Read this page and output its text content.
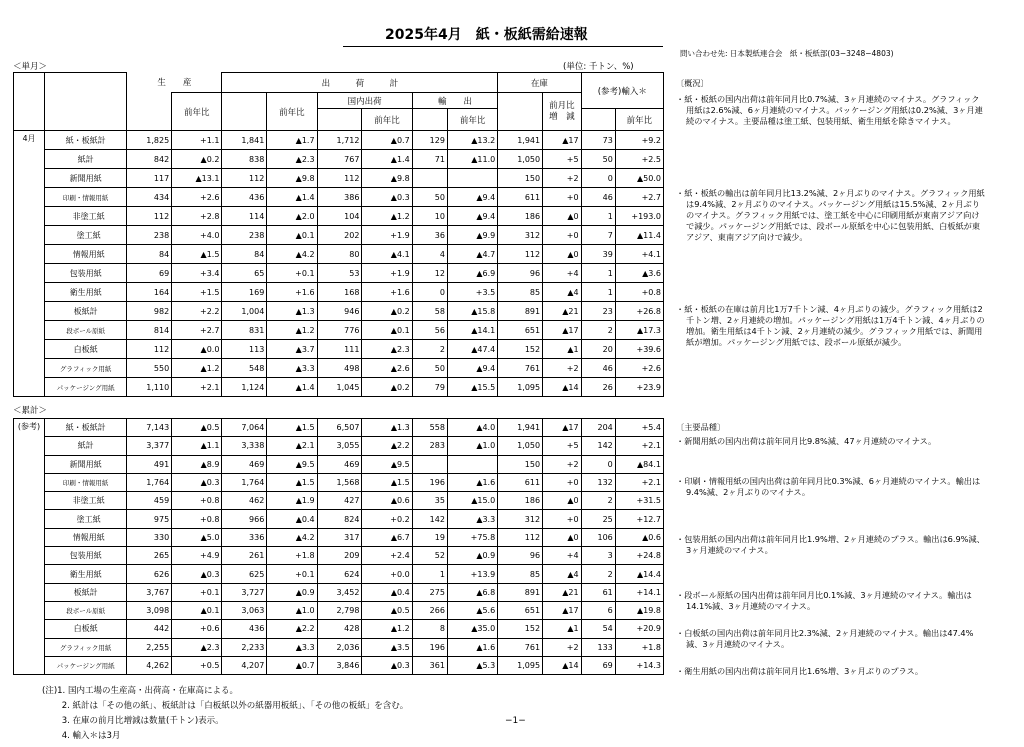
2025年4月　紙・板紙需給速報
問い合わせ先: 日本製紙連合会　紙・板紙部(03−3248−4803)
＜単月＞	(単位: 千トン、%)
		生　　産		出　　　荷　　　計						在庫		(参考)輸入＊	
			前年比		前年比	国内出荷		輸　　出			前月比
増　減		
							前年比		前年比				前年比
4月	紙・板紙計	1,825	+1.1	1,841	▲1.7	1,712	▲0.7	129	▲13.2	1,941	▲17	73	+9.2
	紙計	842	▲0.2	838	▲2.3	767	▲1.4	71	▲11.0	1,050	+5	50	+2.5
	新聞用紙	117	▲13.1	112	▲9.8	112	▲9.8			150	+2	0	▲50.0
	印刷・情報用紙	434	+2.6	436	▲1.4	386	▲0.3	50	▲9.4	611	+0	46	+2.7
	非塗工紙	112	+2.8	114	▲2.0	104	▲1.2	10	▲9.4	186	▲0	1	+193.0
	塗工紙	238	+4.0	238	▲0.1	202	+1.9	36	▲9.9	312	+0	7	▲11.4
	情報用紙	84	▲1.5	84	▲4.2	80	▲4.1	4	▲4.7	112	▲0	39	+4.1
	包装用紙	69	+3.4	65	+0.1	53	+1.9	12	▲6.9	96	+4	1	▲3.6
	衛生用紙	164	+1.5	169	+1.6	168	+1.6	0	+3.5	85	▲4	1	+0.8
	板紙計	982	+2.2	1,004	▲1.3	946	▲0.2	58	▲15.8	891	▲21	23	+26.8
	段ボール原紙	814	+2.7	831	▲1.2	776	▲0.1	56	▲14.1	651	▲17	2	▲17.3
	白板紙	112	▲0.0	113	▲3.7	111	▲2.3	2	▲47.4	152	▲1	20	+39.6
	グラフィック用紙	550	▲1.2	548	▲3.3	498	▲2.6	50	▲9.4	761	+2	46	+2.6
	パッケージング用紙	1,110	+2.1	1,124	▲1.4	1,045	▲0.2	79	▲15.5	1,095	▲14	26	+23.9
＜累計＞
(参考)	紙・板紙計	7,143	▲0.5	7,064	▲1.5	6,507	▲1.3	558	▲4.0	1,941	▲17	204	+5.4
	紙計	3,377	▲1.1	3,338	▲2.1	3,055	▲2.2	283	▲1.0	1,050	+5	142	+2.1
	新聞用紙	491	▲8.9	469	▲9.5	469	▲9.5			150	+2	0	▲84.1
	印刷・情報用紙	1,764	▲0.3	1,764	▲1.5	1,568	▲1.5	196	▲1.6	611	+0	132	+2.1
	非塗工紙	459	+0.8	462	▲1.9	427	▲0.6	35	▲15.0	186	▲0	2	+31.5
	塗工紙	975	+0.8	966	▲0.4	824	+0.2	142	▲3.3	312	+0	25	+12.7
	情報用紙	330	▲5.0	336	▲4.2	317	▲6.7	19	+75.8	112	▲0	106	▲0.6
	包装用紙	265	+4.9	261	+1.8	209	+2.4	52	▲0.9	96	+4	3	+24.8
	衛生用紙	626	▲0.3	625	+0.1	624	+0.0	1	+13.9	85	▲4	2	▲14.4
	板紙計	3,767	+0.1	3,727	▲0.9	3,452	▲0.4	275	▲6.8	891	▲21	61	+14.1
	段ボール原紙	3,098	▲0.1	3,063	▲1.0	2,798	▲0.5	266	▲5.6	651	▲17	6	▲19.8
	白板紙	442	+0.6	436	▲2.2	428	▲1.2	8	▲35.0	152	▲1	54	+20.9
	グラフィック用紙	2,255	▲2.3	2,233	▲3.3	2,036	▲3.5	196	▲1.6	761	+2	133	+1.8
	パッケージング用紙	4,262	+0.5	4,207	▲0.7	3,846	▲0.3	361	▲5.3	1,095	▲14	69	+14.3
〔概況〕
・紙・板紙の国内出荷は前年同月比0.7%減、3ヶ月連続のマイナス。グラフィック用紙は2.6%減、6ヶ月連続のマイナス。パッケージング用紙は0.2%減、3ヶ月連続のマイナス。主要品種は塗工紙、包装用紙、衛生用紙を除きマイナス。
・紙・板紙の輸出は前年同月比13.2%減、2ヶ月ぶりのマイナス。グラフィック用紙は9.4%減、2ヶ月ぶりのマイナス。パッケージング用紙は15.5%減、2ヶ月ぶりのマイナス。グラフィック用紙では、塗工紙を中心に印刷用紙が東南アジア向けで減少。パッケージング用紙では、段ボール原紙を中心に包装用紙、白板紙が東アジア、東南アジア向けで減少。
・紙・板紙の在庫は前月比1万7千トン減、4ヶ月ぶりの減少。グラフィック用紙は2千トン増、2ヶ月連続の増加。パッケージング用紙は1万4千トン減、4ヶ月ぶりの増加。衛生用紙は4千トン減、2ヶ月連続の減少。グラフィック用紙では、新聞用紙が増加。パッケージング用紙では、段ボール原紙が減少。
〔主要品種〕
・新聞用紙の国内出荷は前年同月比9.8%減、47ヶ月連続のマイナス。
・印刷・情報用紙の国内出荷は前年同月比0.3%減、6ヶ月連続のマイナス。輸出は9.4%減、2ヶ月ぶりのマイナス。
・包装用紙の国内出荷は前年同月比1.9%増、2ヶ月連続のプラス。輸出は6.9%減、3ヶ月連続のマイナス。
・段ボール原紙の国内出荷は前年同月比0.1%減、3ヶ月連続のマイナス。輸出は14.1%減、3ヶ月連続のマイナス。
・白板紙の国内出荷は前年同月比2.3%減、2ヶ月連続のマイナス。輸出は47.4%減、3ヶ月連続のマイナス。
・衛生用紙の国内出荷は前年同月比1.6%増、3ヶ月ぶりのプラス。
(注)1. 国内工場の生産高・出荷高・在庫高による。
　　 2. 紙計は「その他の紙」、板紙計は「白板紙以外の紙器用板紙」、「その他の板紙」を含む。
　　 3. 在庫の前月比増減は数量(千トン)表示。
　　 4. 輸入＊は3月
−1−
